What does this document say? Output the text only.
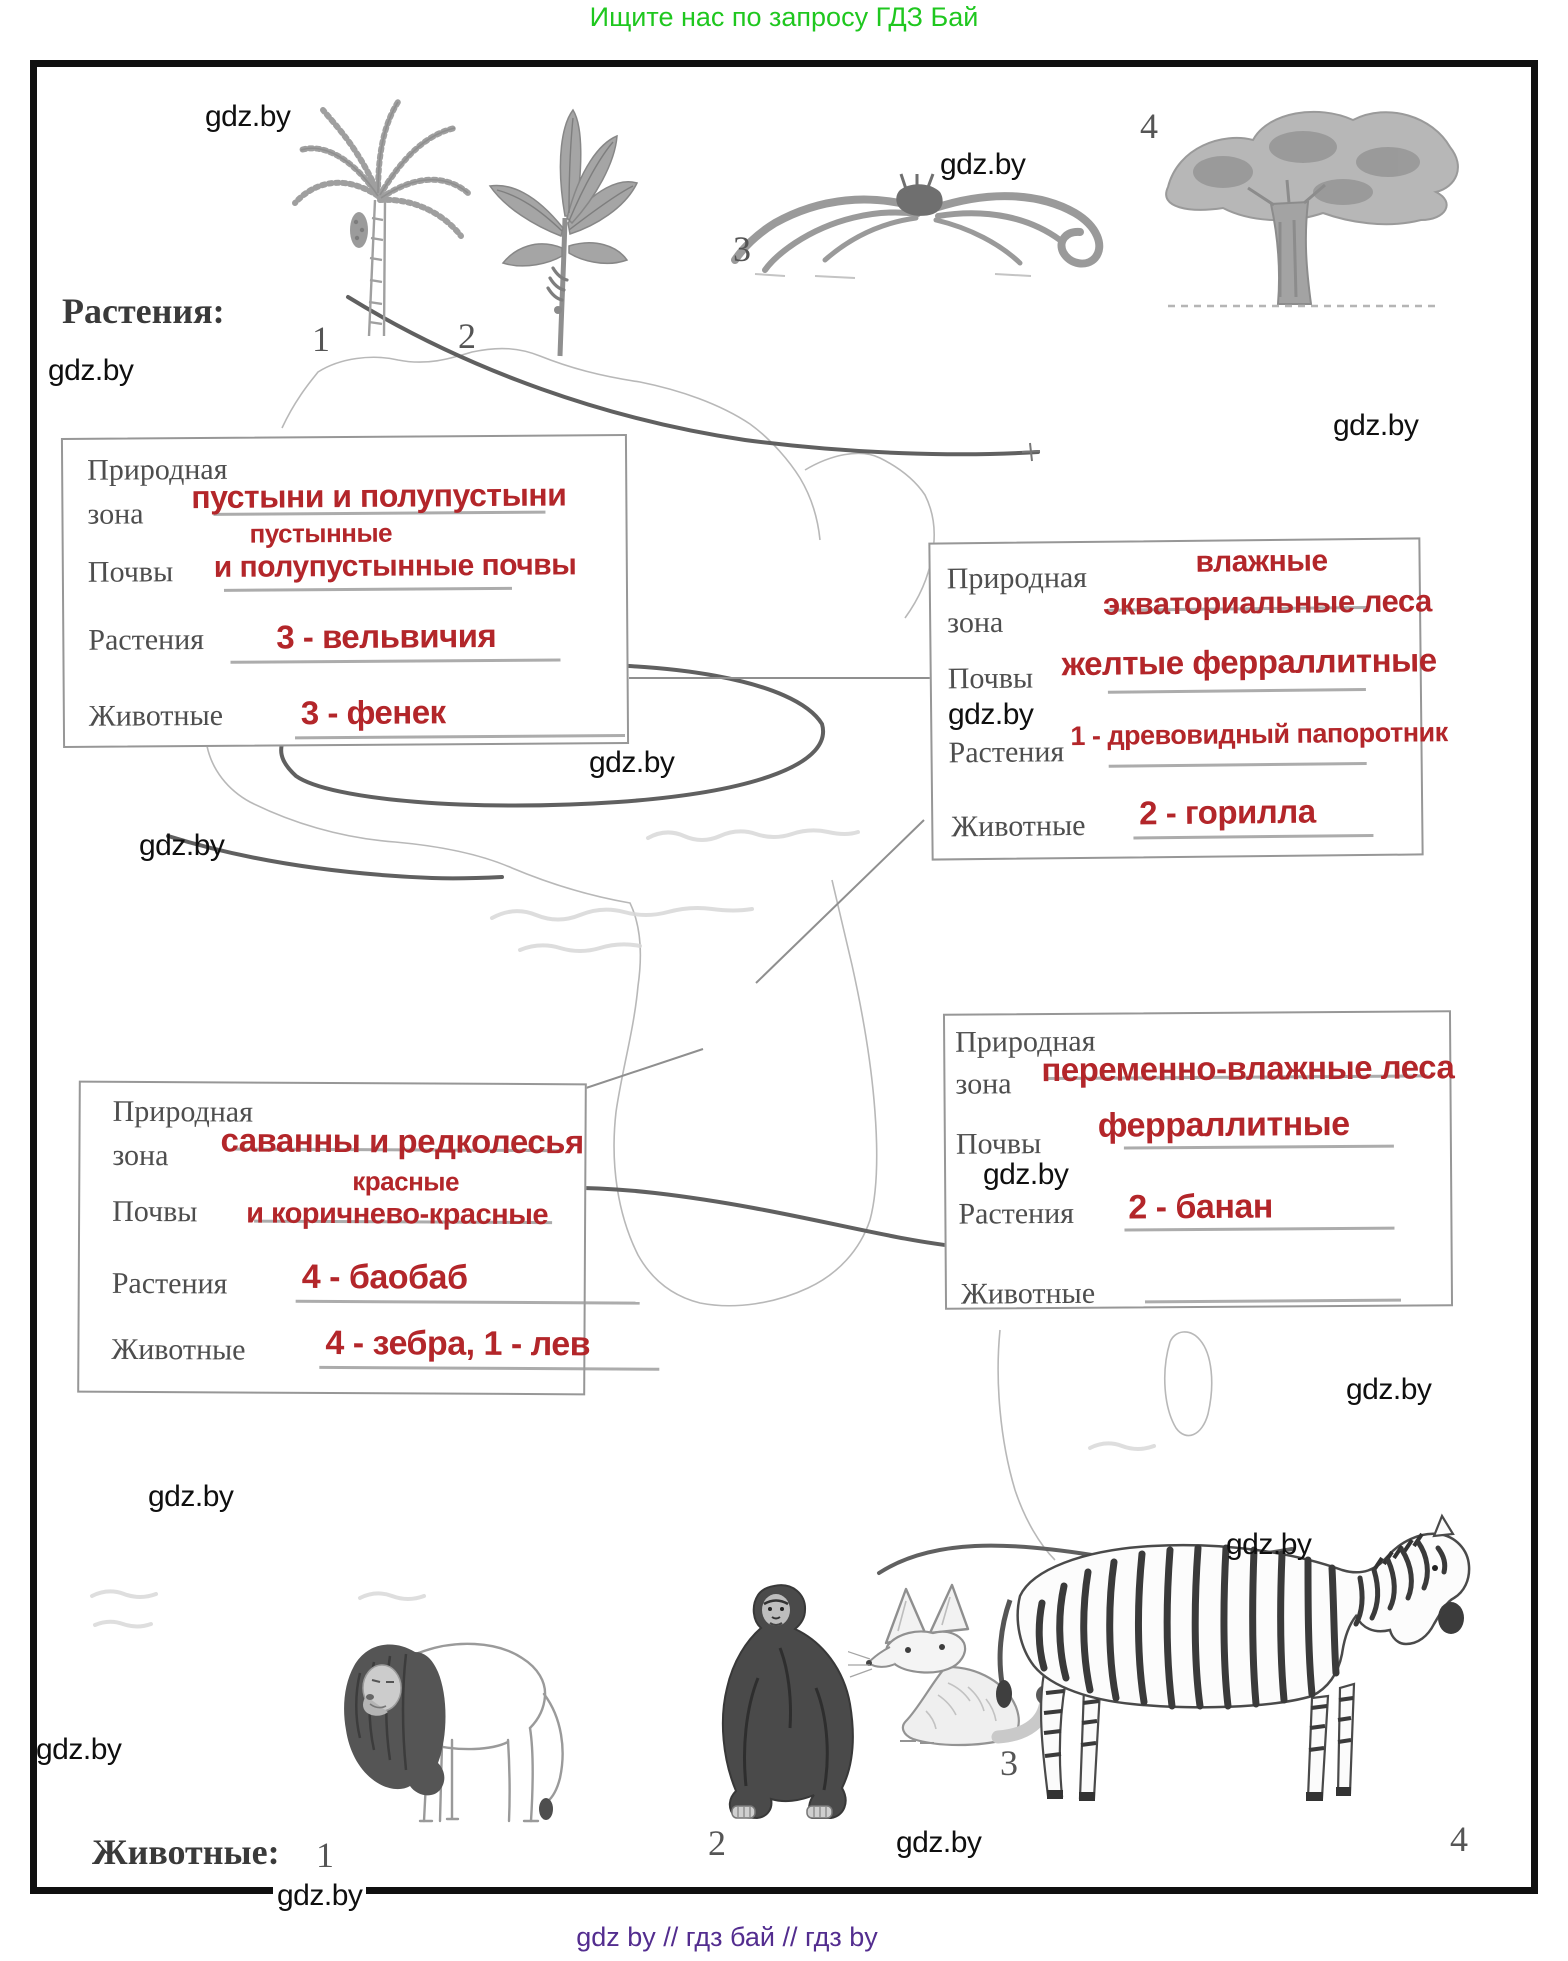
Ищите нас по запросу ГДЗ Бай
Растения:
Животные:
1	2
3
4
1	2
3
4
Природная
зона пустыни и полупустыни
пустынные
Почвы и полупустынные почвы
Растения 3 - вельвичия
Животные 3 - фенек
Природная
зона
влажные
экваториальные леса
Почвы желтые ферраллитные
Растения
1 - древовидный папоротник
Животные 2 - горилла
Природная
зона саванны и редколесья
красные
Почвы и коричнево-красные
Растения 4 - баобаб
Животные 4 - зебра, 1 - лев
Природная
зона переменно-влажные леса
Почвы ферраллитные
Растения 2 - банан
Животные
gdz by // гдз бай // гдз by
gdz.by
gdz.by
gdz.by
gdz.by
gdz.by
gdz.by
gdz.by
gdz.by
gdz.by
gdz.by
gdz.by
gdz.by
gdz.by
gdz.by
